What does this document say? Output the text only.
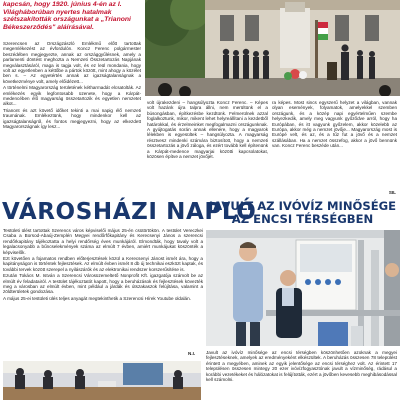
kapcsán, hogy 1920. június 4-én az I.
Világháborúban nyertes hatalmak
szétszakították országunkat a „Trianoni
Békeszerződés" aláírásával.

Szerencsen az Országzászló Emlékmű előtt tartottak megemlékezést az évfordulón. Koncz Ferenc polgármester beszédében megjegyezte, annak az országgyűlésnek, amely a parlamenti döntést meghozta a Nemzeti Összetartozás Napjának megválasztásáról, maga is tagja volt, és ez leül mondania, hogy volt az egyetlenben a kéttőbe a pártok között, mint ahogy a közélet ben s. – Az egyetértés annak az igazságtalanságnak a következménye volt, amely előidézett...

A történelmi Magyarország területének kétharmadát elcsatolták. Az emlékezés egyik legfontosabb üzenete, hogy a Kárpát-medencében élő magyarság összetartozik és egyetlen nemzetet alkot...

Trianont és azt követő időket tekinti a mai napig élő nemzeti traumának. Emlékeztünk, hogy mindenkor kell az igazságtalanságról, és fontos megjegyezni, hogy az elkezdett Magyarországnak így lesz...

volt újrakezdeni – hangsúlyozta Koncz Ferenc. – Képes volt hazánk újra talpra állni, nem merültünk el a búsongásban, építkezésbe kezdtünk. Felmerülnek azzal foglalkoztunk, mikor, mikent lehet helyreállítani a kezdetből határokkal, és érzelmeinket megfogalmazni országunknak. A gyújtogatás során annak ellenére, hogy a magyarok lélekben is egyesültek – hangsúlyozta. A magyarság résztvesz mindenki számára biztosított, hogy a nemzeti összetartozás a jövő záloga, és ezért tovább kell építenünk a Kárpát-medence magyarjai közötti kapcsolatokat, közösen építve a nemzet jövőjét.

ra képes. Most sincs egyszerű helyzet a világban, vannak olyan események, folyamatok, amelyekkel szemben országunk, és a közép napi egyértelműen szembe helyezkedik, amely meg vagyunk győződve arról, hogy ha Európában, és itt vagyunk győzelem, akkor közelebb az Európa, akkor még a nemzet jövője... Magyarország most is Európé velt, és az, és a tűz fut a jövő és a nemzet szállásában. Ha a nemzet összefog, akkor a jövő bennünk van. Koncz Ferenc beszéde után...

SIL
VÁROSHÁZI NAPLÓ

Testületi ülést tartottak Szerencs város képviselői május 25-én csütörtökön. A testület Vereczkei Csaba a Borsod-Abaúj-Zemplén Megyei rendőrfőkapitány és Kerecsenyi János a szerencsi rendőrkapitány tájékoztatta a helyi rendőrség éves munkájáról. Elmondták, hogy tavaly volt a legalacsonyabb a bűncselekmények száma az elmúlt 7 évben, amiért munkájukat köszönték a képviselők.

Ezt követően a fojamatos rendben előterjesztések közül a Kerecsenyi Jánost ismét ára, hogy a kapitányságon is történtek fejlesztések. Az elmúlt évben ismét 8 db új technikai eszközt kaptak, és további tervek között szerepel a nyilászárók és az elektronikai rendszer korszerűsítése is.

Ezután Tokács M. István a Szerencsi Városüzemeltető Nonprofit Kft. igazgatója számolt be az elmúlt év feladatairól. A testület tájékoztatót kapott, hogy a beruházások és fejlesztések kövezték meg a városban az elmúlt évben, mint például a járdák és útszakaszok felújítása, valamint a zöldterületek gondozása.

A május 25-ei testületi ülés teljes anyagát megtekinthetik a Szerencsi Hírek Youtube oldalán.

N.I.
JAVULT AZ IVÓVÍZ MINŐSÉGE
AZ ENCSI TÉRSÉGBEN

Javult az ivóvíz minősége az encsi térségben köszönhetően azoknak a megyei fejlesztéseknek, amelyek az eredményeként elkészültek. A beruházás összesen 78 települést érintett a megyében, aminek az egyik jelentősége az encsi térséghez volt. Az érintett 17 településen összesen mintegy 20 ezer ivóvízfogyasztónak javult a vízminőség, rádásul a korábbi vezetékeket és hálózatokat is felújították, ezért a jövőben kevesebb meghibásodással kell számolni.
